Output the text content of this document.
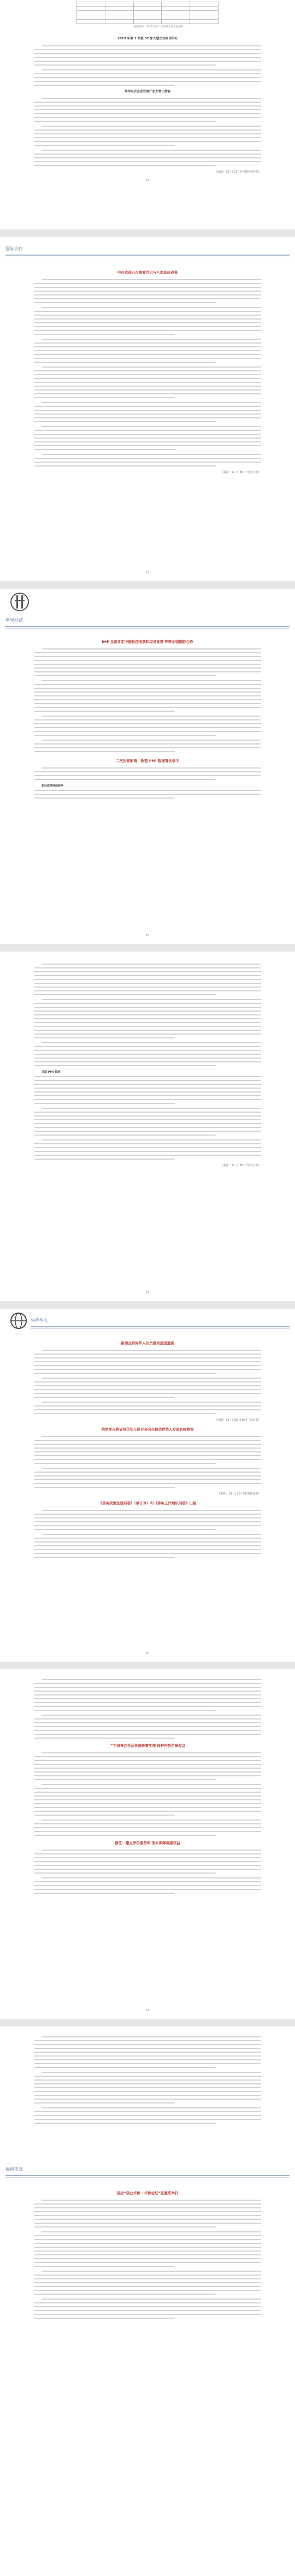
（数据来源：2019 第四 · 国内外企业发展报告）
2019 年第 2 季度 37 家大型企业综合指标
共享经济企业发展产业大增长潜能
（来源：11 月 27 日中国经济时报）
16
国际合作
中日达成五点重要共识与八项具体成果
（来源：11 月 30 日中国日报）
17
世界经济
IMF 总裁肯定中国抗疫成就和经济复苏 呼吁加强国际合作
二次封锁影响　欧盟 PMI 数据喜忧参半
新冠疫情持续影响
18
美国 PMI 数据：
（来源：11 月 30 日光明日报）
19
华侨华人
新西兰侨界华人议员推动建国道别
（来源：11 月 30 日新西兰先驱报）
俄罗斯吉林省侨华华人联合会向在俄华侨华人发放防疫物资
（来源：11 月 25 日中国新闻网）
《侨务政策法规问答》（修订本）和《侨务工作知识问答》出版
20
广东省开启侨法侨规政策实施 保护归侨侨眷权益
浙江：建立涉侨服务库 务实保障侨胞权益
21
侨情传真
首届“我业华侨 · 华侨论坛”在重庆举行
